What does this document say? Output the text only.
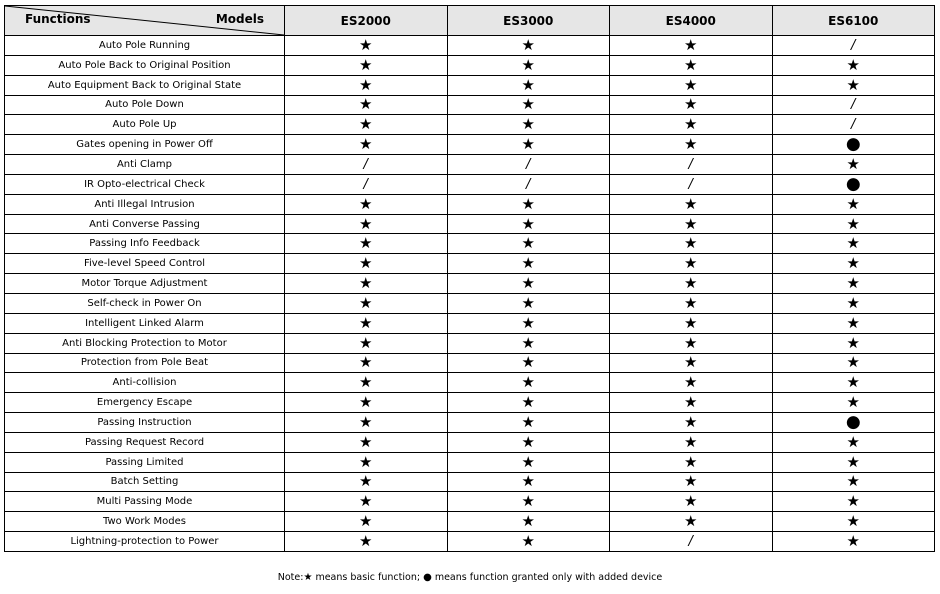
Functions Models	ES2000	ES3000	ES4000	ES6100
Auto Pole Running	★	★	★	/
Auto Pole Back to Original Position	★	★	★	★
Auto Equipment Back to Original State	★	★	★	★
Auto Pole Down	★	★	★	/
Auto Pole Up	★	★	★	/
Gates opening in Power Off	★	★	★	●
Anti Clamp	/	/	/	★
IR Opto-electrical Check	/	/	/	●
Anti Illegal Intrusion	★	★	★	★
Anti Converse Passing	★	★	★	★
Passing Info Feedback	★	★	★	★
Five-level Speed Control	★	★	★	★
Motor Torque Adjustment	★	★	★	★
Self-check in Power On	★	★	★	★
Intelligent Linked Alarm	★	★	★	★
Anti Blocking Protection to Motor	★	★	★	★
Protection from Pole Beat	★	★	★	★
Anti-collision	★	★	★	★
Emergency Escape	★	★	★	★
Passing Instruction	★	★	★	●
Passing Request Record	★	★	★	★
Passing Limited	★	★	★	★
Batch Setting	★	★	★	★
Multi Passing Mode	★	★	★	★
Two Work Modes	★	★	★	★
Lightning-protection to Power	★	★	/	★
Note:★ means basic function; ● means function granted only with added device
